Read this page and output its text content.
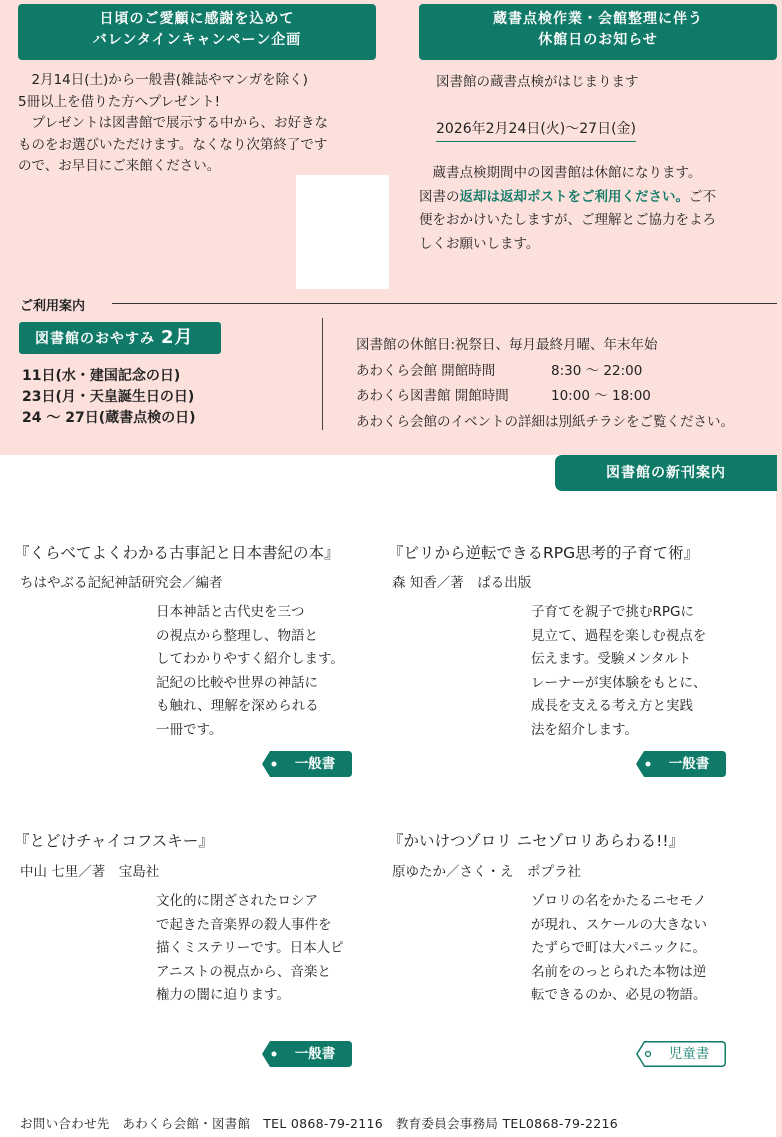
日頃のご愛顧に感謝を込めて
バレンタインキャンペーン企画
　2月14日(土)から一般書(雑誌やマンガを除く)
5冊以上を借りた方へプレゼント!
　プレゼントは図書館で展示する中から、お好きな
ものをお選びいただけます。なくなり次第終了です
ので、お早目にご来館ください。
蔵書点検作業・会館整理に伴う
休館日のお知らせ
図書館の蔵書点検がはじまります
2026年2月24日(火)～27日(金)
　蔵書点検期間中の図書館は休館になります。
図書の返却は返却ポストをご利用ください。ご不
便をおかけいたしますが、ご理解とご協力をよろ
しくお願いします。
ご利用案内
図書館のおやすみ 2月
11日(水・建国記念の日)
23日(月・天皇誕生日の日)
24 ～ 27日(蔵書点検の日)
図書館の休館日:祝祭日、毎月最終月曜、年末年始
あわくら会館 開館時間	8:30 ～ 22:00
あわくら図書館 開館時間	10:00 ～ 18:00
あわくら会館のイベントの詳細は別紙チラシをご覧ください。
図書館の新刊案内
『くらべてよくわかる古事記と日本書紀の本』
ちはやぶる記紀神話研究会／編者
日本神話と古代史を三つ
の視点から整理し、物語と
してわかりやすく紹介します。
記紀の比較や世界の神話に
も触れ、理解を深められる
一冊です。
一般書
『ビリから逆転できるRPG思考的子育て術』
森 知香／著　ぱる出版
子育てを親子で挑むRPGに
見立て、過程を楽しむ視点を
伝えます。受験メンタルト
レーナーが実体験をもとに、
成長を支える考え方と実践
法を紹介します。
一般書
『とどけチャイコフスキー』
中山 七里／著　宝島社
文化的に閉ざされたロシア
で起きた音楽界の殺人事件を
描くミステリーです。日本人ピ
アニストの視点から、音楽と
権力の闇に迫ります。
一般書
『かいけつゾロリ ニセゾロリあらわる!!』
原ゆたか／さく・え　ポプラ社
ゾロリの名をかたるニセモノ
が現れ、スケールの大きない
たずらで町は大パニックに。
名前をのっとられた本物は逆
転できるのか、必見の物語。
児童書
お問い合わせ先　あわくら会館・図書館　TEL 0868-79-2116　教育委員会事務局 TEL0868-79-2216
